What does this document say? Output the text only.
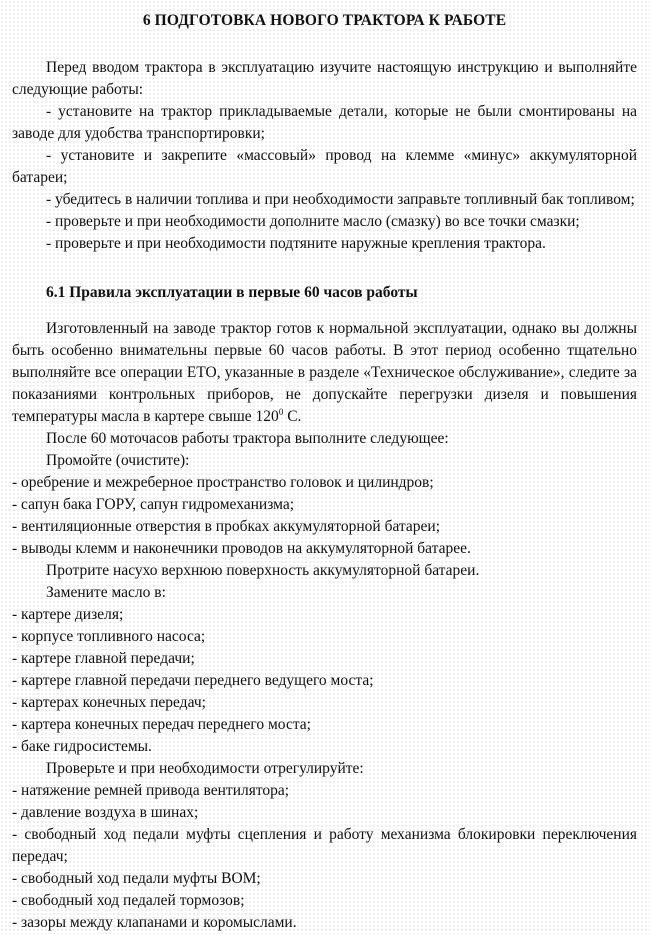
6 ПОДГОТОВКА НОВОГО ТРАКТОРА К РАБОТЕ

Перед вводом трактора в эксплуатацию изучите настоящую инструкцию и выполняйте следующие работы:

- установите на трактор прикладываемые детали, которые не были смонтированы на заводе для удобства транспортировки;

- установите и закрепите «массовый» провод на клемме «минус» аккумуляторной батареи;

- убедитесь в наличии топлива и при необходимости заправьте топливный бак топливом;

- проверьте и при необходимости дополните масло (смазку) во все точки смазки;

- проверьте и при необходимости подтяните наружные крепления трактора.

6.1 Правила эксплуатации в первые 60 часов работы

Изготовленный на заводе трактор готов к нормальной эксплуатации, однако вы должны быть особенно внимательны первые 60 часов работы. В этот период особенно тщательно выполняйте все операции ЕТО, указанные в разделе «Техническое обслуживание», следите за показаниями контрольных приборов, не допускайте перегрузки дизеля и повышения температуры масла в картере свыше $120^0$ С.

После 60 моточасов работы трактора выполните следующее:

Промойте (очистите):

- оребрение и межреберное пространство головок и цилиндров;

- сапун бака ГОРУ, сапун гидромеханизма;

- вентиляционные отверстия в пробках аккумуляторной батареи;

- выводы клемм и наконечники проводов на аккумуляторной батарее.

Протрите насухо верхнюю поверхность аккумуляторной батареи.

Замените масло в:

- картере дизеля;

- корпусе топливного насоса;

- картере главной передачи;

- картере главной передачи переднего ведущего моста;

- картерах конечных передач;

- картера конечных передач переднего моста;

- баке гидросистемы.

Проверьте и при необходимости отрегулируйте:

- натяжение ремней привода вентилятора;

- давление воздуха в шинах;

- свободный ход педали муфты сцепления и работу механизма блокировки переключения передач;

- свободный ход педали муфты ВОМ;

- свободный ход педалей тормозов;

- зазоры между клапанами и коромыслами.
